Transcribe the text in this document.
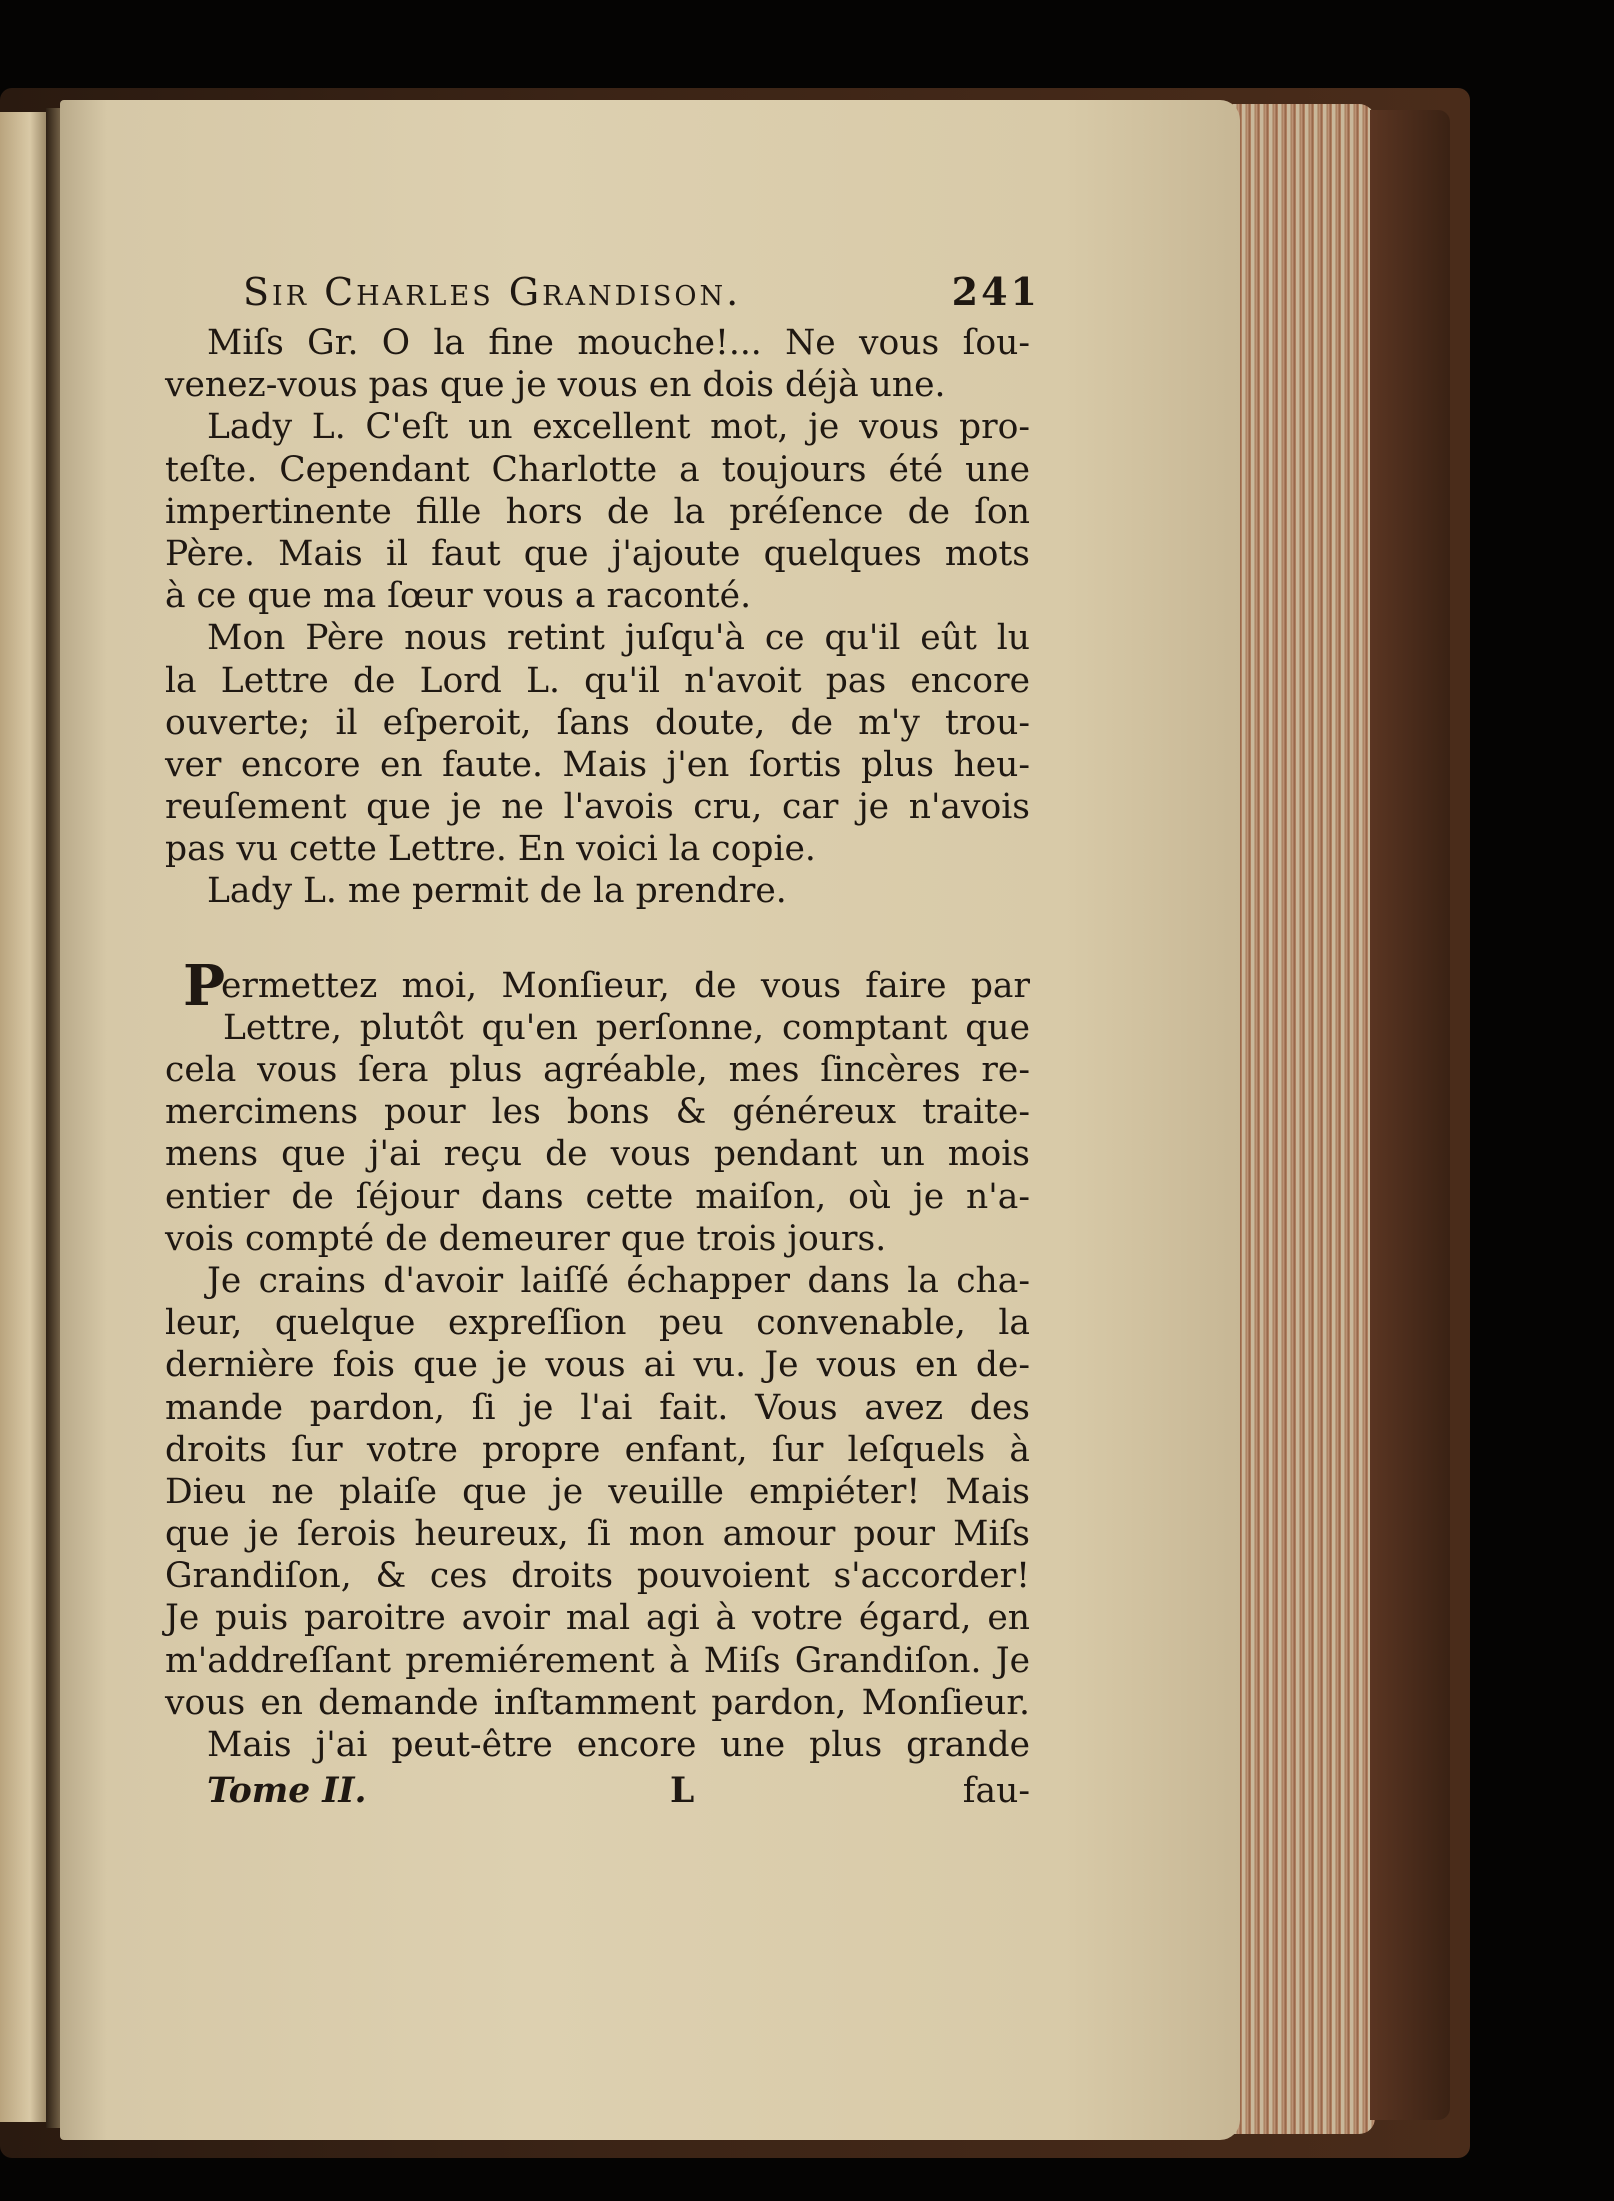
Sir Charles Grandison.	241
Miſs Gr. O la fine mouche!... Ne vous ſou-
venez-vous pas que je vous en dois déjà une.
Lady L. C'eſt un excellent mot, je vous pro-
teſte. Cependant Charlotte a toujours été une
impertinente fille hors de la préſence de ſon
Père. Mais il faut que j'ajoute quelques mots
à ce que ma ſœur vous a raconté.
Mon Père nous retint juſqu'à ce qu'il eût lu
la Lettre de Lord L. qu'il n'avoit pas encore
ouverte; il eſperoit, ſans doute, de m'y trou-
ver encore en faute. Mais j'en ſortis plus heu-
reuſement que je ne l'avois cru, car je n'avois
pas vu cette Lettre. En voici la copie.
Lady L. me permit de la prendre.
Permettez moi, Monſieur, de vous faire par
Lettre, plutôt qu'en perſonne, comptant que
cela vous ſera plus agréable, mes ſincères re-
mercimens pour les bons & généreux traite-
mens que j'ai reçu de vous pendant un mois
entier de ſéjour dans cette maiſon, où je n'a-
vois compté de demeurer que trois jours.
Je crains d'avoir laiſſé échapper dans la cha-
leur, quelque expreſſion peu convenable, la
dernière fois que je vous ai vu. Je vous en de-
mande pardon, ſi je l'ai fait. Vous avez des
droits ſur votre propre enfant, ſur leſquels à
Dieu ne plaiſe que je veuille empiéter! Mais
que je ſerois heureux, ſi mon amour pour Miſs
Grandiſon, & ces droits pouvoient s'accorder!
Je puis paroitre avoir mal agi à votre égard, en
m'addreſſant premiérement à Miſs Grandiſon. Je
vous en demande inſtamment pardon, Monſieur.
Mais j'ai peut-être encore une plus grande
Tome II.	L	fau-
